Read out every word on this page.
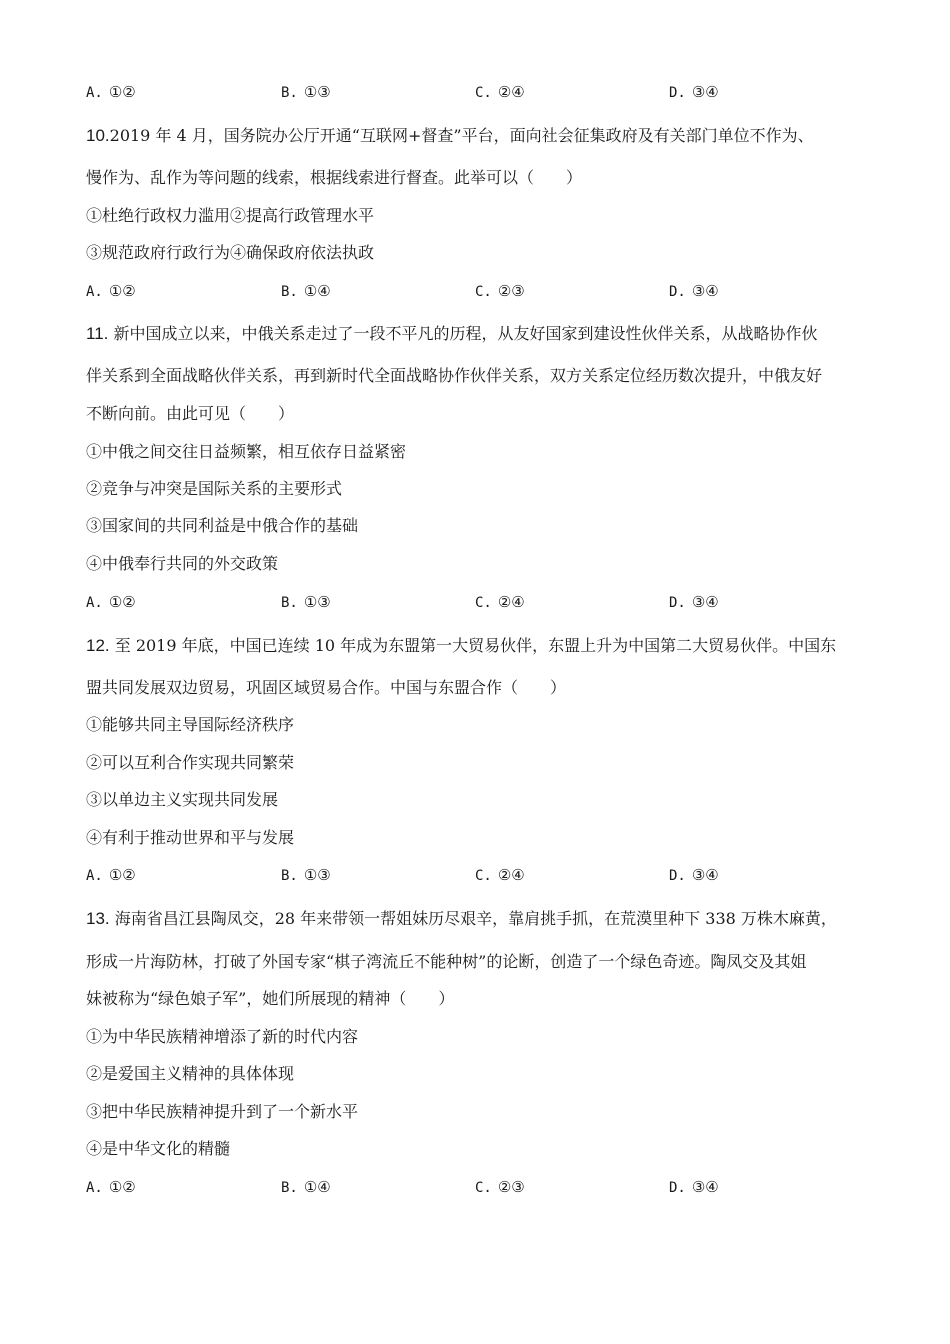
A. ①②	B. ①③	C. ②④	D. ③④
10.2019 年 4 月，国务院办公厅开通“互联网+督查”平台，面向社会征集政府及有关部门单位不作为、
慢作为、乱作为等问题的线索，根据线索进行督查。此举可以（　　）
①杜绝行政权力滥用②提高行政管理水平
③规范政府行政行为④确保政府依法执政
A. ①②	B. ①④	C. ②③	D. ③④
11. 新中国成立以来，中俄关系走过了一段不平凡的历程，从友好国家到建设性伙伴关系，从战略协作伙
伴关系到全面战略伙伴关系，再到新时代全面战略协作伙伴关系，双方关系定位经历数次提升，中俄友好
不断向前。由此可见（　　）
①中俄之间交往日益频繁，相互依存日益紧密
②竞争与冲突是国际关系的主要形式
③国家间的共同利益是中俄合作的基础
④中俄奉行共同的外交政策
A. ①②	B. ①③	C. ②④	D. ③④
12. 至 2019 年底，中国已连续 10 年成为东盟第一大贸易伙伴，东盟上升为中国第二大贸易伙伴。中国东
盟共同发展双边贸易，巩固区域贸易合作。中国与东盟合作（　　）
①能够共同主导国际经济秩序
②可以互利合作实现共同繁荣
③以单边主义实现共同发展
④有利于推动世界和平与发展
A. ①②	B. ①③	C. ②④	D. ③④
13. 海南省昌江县陶凤交，28 年来带领一帮姐妹历尽艰辛，靠肩挑手抓，在荒漠里种下 338 万株木麻黄，
形成一片海防林，打破了外国专家“棋子湾流丘不能种树”的论断，创造了一个绿色奇迹。陶凤交及其姐
妹被称为“绿色娘子军”，她们所展现的精神（　　）
①为中华民族精神增添了新的时代内容
②是爱国主义精神的具体体现
③把中华民族精神提升到了一个新水平
④是中华文化的精髓
A. ①②	B. ①④	C. ②③	D. ③④
